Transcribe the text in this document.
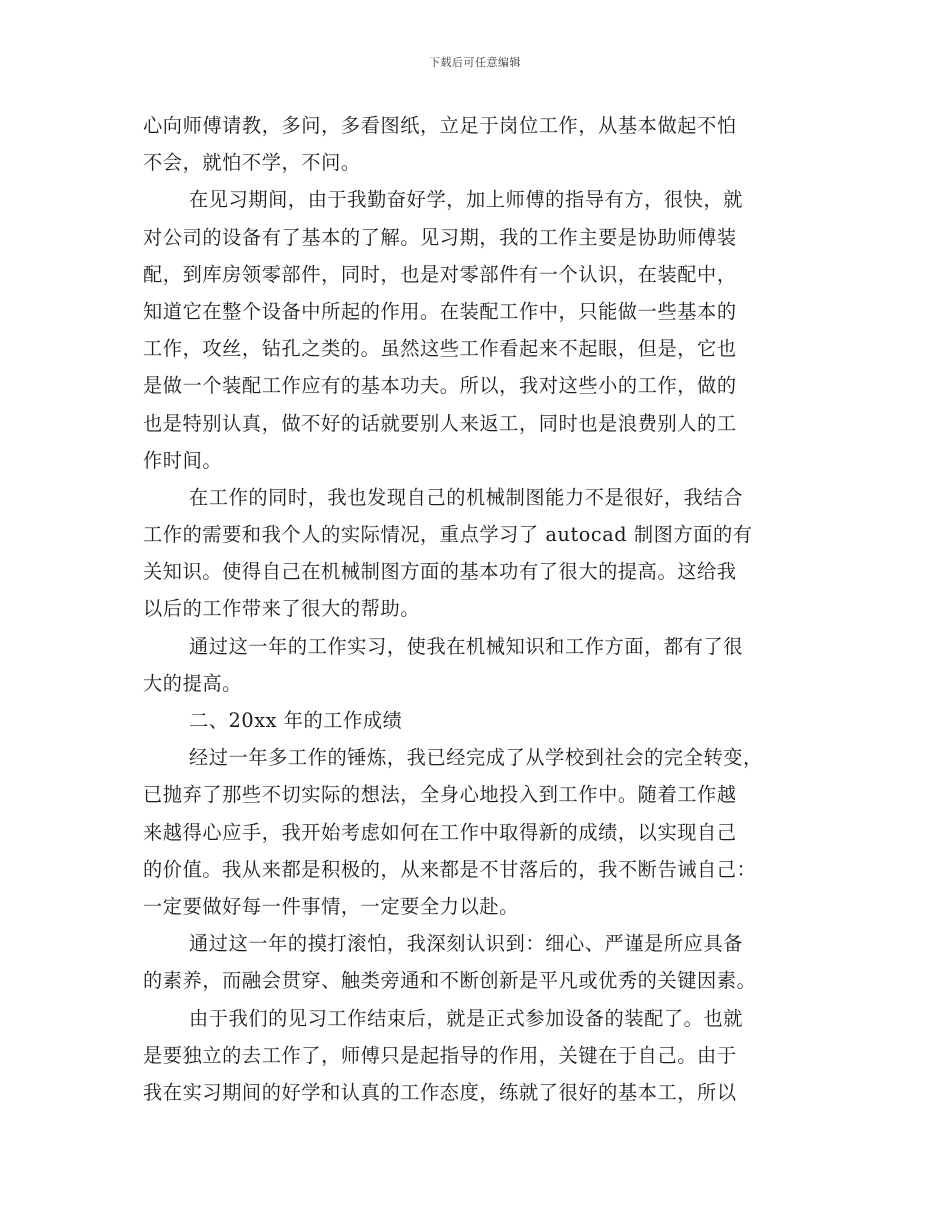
下载后可任意编辑
心向师傅请教，多问，多看图纸，立足于岗位工作，从基本做起不怕
不会，就怕不学，不问。
在见习期间，由于我勤奋好学，加上师傅的指导有方，很快，就
对公司的设备有了基本的了解。见习期，我的工作主要是协助师傅装
配，到库房领零部件，同时，也是对零部件有一个认识，在装配中，
知道它在整个设备中所起的作用。在装配工作中，只能做一些基本的
工作，攻丝，钻孔之类的。虽然这些工作看起来不起眼，但是，它也
是做一个装配工作应有的基本功夫。所以，我对这些小的工作，做的
也是特别认真，做不好的话就要别人来返工，同时也是浪费别人的工
作时间。
在工作的同时，我也发现自己的机械制图能力不是很好，我结合
工作的需要和我个人的实际情况，重点学习了 autocad 制图方面的有
关知识。使得自己在机械制图方面的基本功有了很大的提高。这给我
以后的工作带来了很大的帮助。
通过这一年的工作实习，使我在机械知识和工作方面，都有了很
大的提高。
二、20xx 年的工作成绩
经过一年多工作的锤炼，我已经完成了从学校到社会的完全转变，
已抛弃了那些不切实际的想法，全身心地投入到工作中。随着工作越
来越得心应手，我开始考虑如何在工作中取得新的成绩，以实现自己
的价值。我从来都是积极的，从来都是不甘落后的，我不断告诫自己：
一定要做好每一件事情，一定要全力以赴。
通过这一年的摸打滚怕，我深刻认识到：细心、严谨是所应具备
的素养，而融会贯穿、触类旁通和不断创新是平凡或优秀的关键因素。
由于我们的见习工作结束后，就是正式参加设备的装配了。也就
是要独立的去工作了，师傅只是起指导的作用，关键在于自己。由于
我在实习期间的好学和认真的工作态度，练就了很好的基本工，所以
